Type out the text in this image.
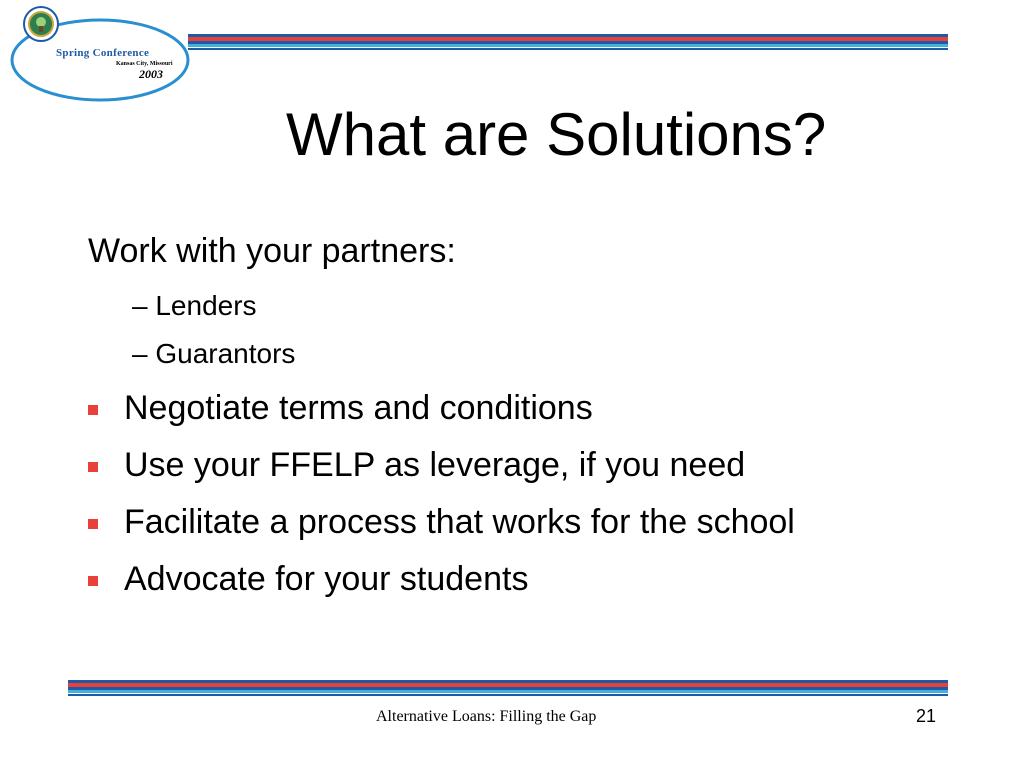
Spring Conference
Kansas City, Missouri
2003
What are Solutions?
Work with your partners:
– Lenders
– Guarantors
Negotiate terms and conditions
Use your FFELP as leverage, if you need
Facilitate a process that works for the school
Advocate for your students
Alternative Loans: Filling the Gap	21
